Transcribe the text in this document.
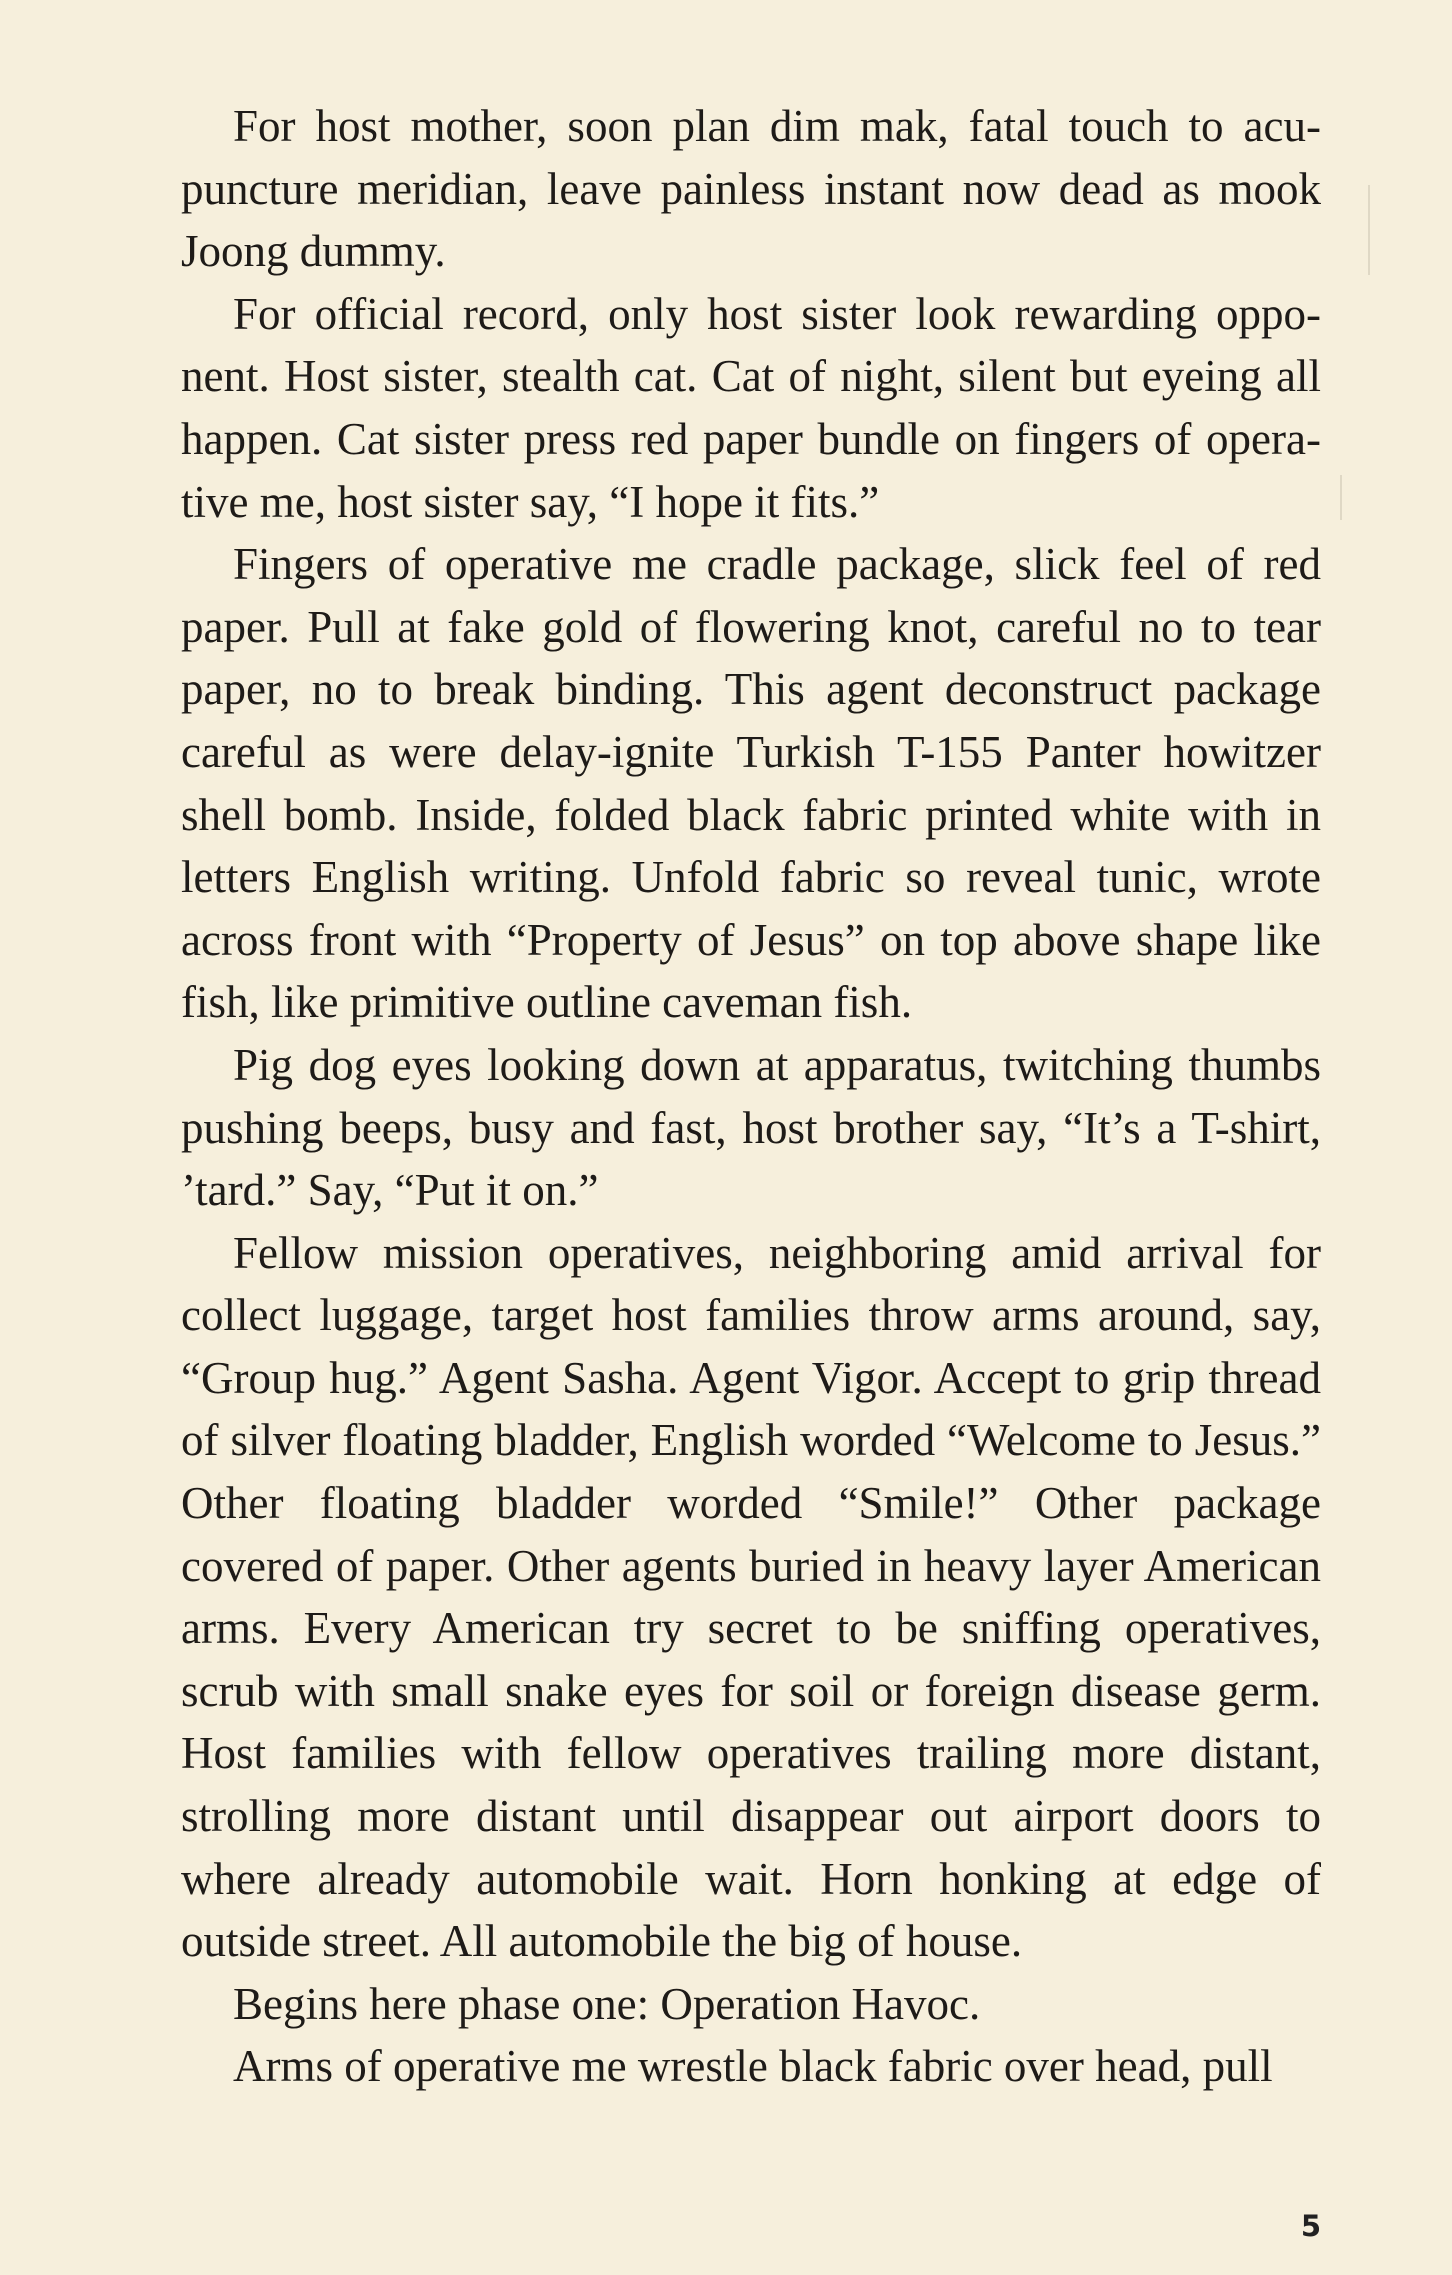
For host mother, soon plan dim mak, fatal touch to acupuncture meridian, leave painless instant now dead as mook Joong dummy.

For official record, only host sister look rewarding opponent. Host sister, stealth cat. Cat of night, silent but eyeing all happen. Cat sister press red paper bundle on fingers of operative me, host sister say, “I hope it fits.”

Fingers of operative me cradle package, slick feel of red paper. Pull at fake gold of flowering knot, careful no to tear paper, no to break binding. This agent deconstruct package careful as were delay-ignite Turkish T-155 Panter howitzer shell bomb. Inside, folded black fabric printed white with in letters English writing. Unfold fabric so reveal tunic, wrote across front with “Property of Jesus” on top above shape like fish, like primitive outline caveman fish.

Pig dog eyes looking down at apparatus, twitching thumbs pushing beeps, busy and fast, host brother say, “It’s a T-shirt, ’tard.” Say, “Put it on.”

Fellow mission operatives, neighboring amid arrival for collect luggage, target host families throw arms around, say, “Group hug.” Agent Sasha. Agent Vigor. Accept to grip thread of silver floating bladder, English worded “Welcome to Jesus.” Other floating bladder worded “Smile!” Other package covered of paper. Other agents buried in heavy layer American arms. Every American try secret to be sniffing operatives, scrub with small snake eyes for soil or foreign disease germ. Host families with fellow operatives trailing more distant, strolling more distant until disappear out airport doors to where already automobile wait. Horn honking at edge of outside street. All automobile the big of house.

Begins here phase one: Operation Havoc.

Arms of operative me wrestle black fabric over head, pull

5
